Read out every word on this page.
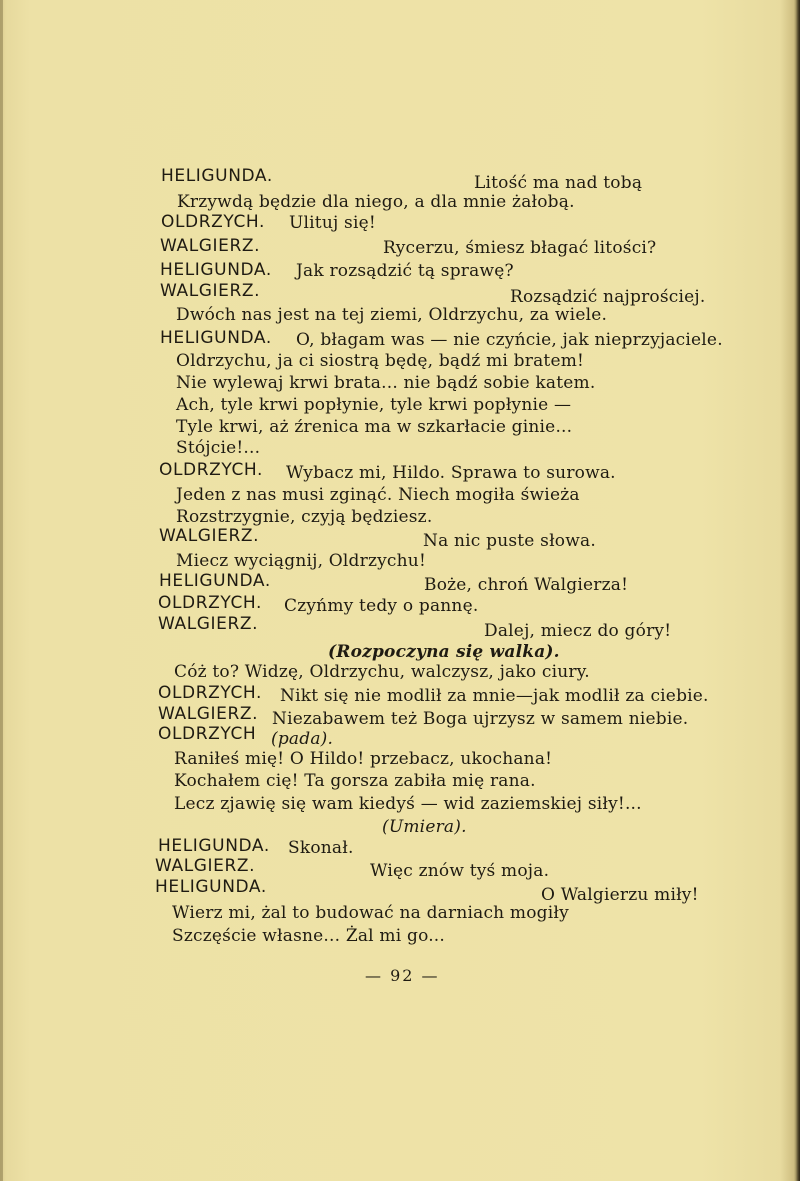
HELIGUNDA.	Litość ma nad tobą
Krzywdą będzie dla niego, a dla mnie żałobą.
OLDRZYCH. Ulituj się!
WALGIERZ.	Rycerzu, śmiesz błagać litości?
HELIGUNDA. Jak rozsądzić tą sprawę?
WALGIERZ.	Rozsądzić najprościej.
Dwóch nas jest na tej ziemi, Oldrzychu, za wiele.
HELIGUNDA. O, błagam was — nie czyńcie, jak nieprzyjaciele.
Oldrzychu, ja ci siostrą będę, bądź mi bratem!
Nie wylewaj krwi brata... nie bądź sobie katem.
Ach, tyle krwi popłynie, tyle krwi popłynie —
Tyle krwi, aż źrenica ma w szkarłacie ginie...
Stójcie!...
OLDRZYCH. Wybacz mi, Hildo. Sprawa to surowa.
Jeden z nas musi zginąć. Niech mogiła świeża
Rozstrzygnie, czyją będziesz.
WALGIERZ.	Na nic puste słowa.
Miecz wyciągnij, Oldrzychu!
HELIGUNDA.	Boże, chroń Walgierza!
OLDRZYCH. Czyńmy tedy o pannę.
WALGIERZ.	Dalej, miecz do góry!
(Rozpoczyna się walka).
Cóż to? Widzę, Oldrzychu, walczysz, jako ciury.
OLDRZYCH. Nikt się nie modlił za mnie—jak modlił za ciebie.
WALGIERZ. Niezabawem też Boga ujrzysz w samem niebie.
OLDRZYCH (pada).
Raniłeś mię! O Hildo! przebacz, ukochana!
Kochałem cię! Ta gorsza zabiła mię rana.
Lecz zjawię się wam kiedyś — wid zaziemskiej siły!...
(Umiera).
HELIGUNDA. Skonał.
WALGIERZ.	Więc znów tyś moja.
HELIGUNDA.	O Walgierzu miły!
Wierz mi, żal to budować na darniach mogiły
Szczęście własne... Żal mi go...
— 92 —
